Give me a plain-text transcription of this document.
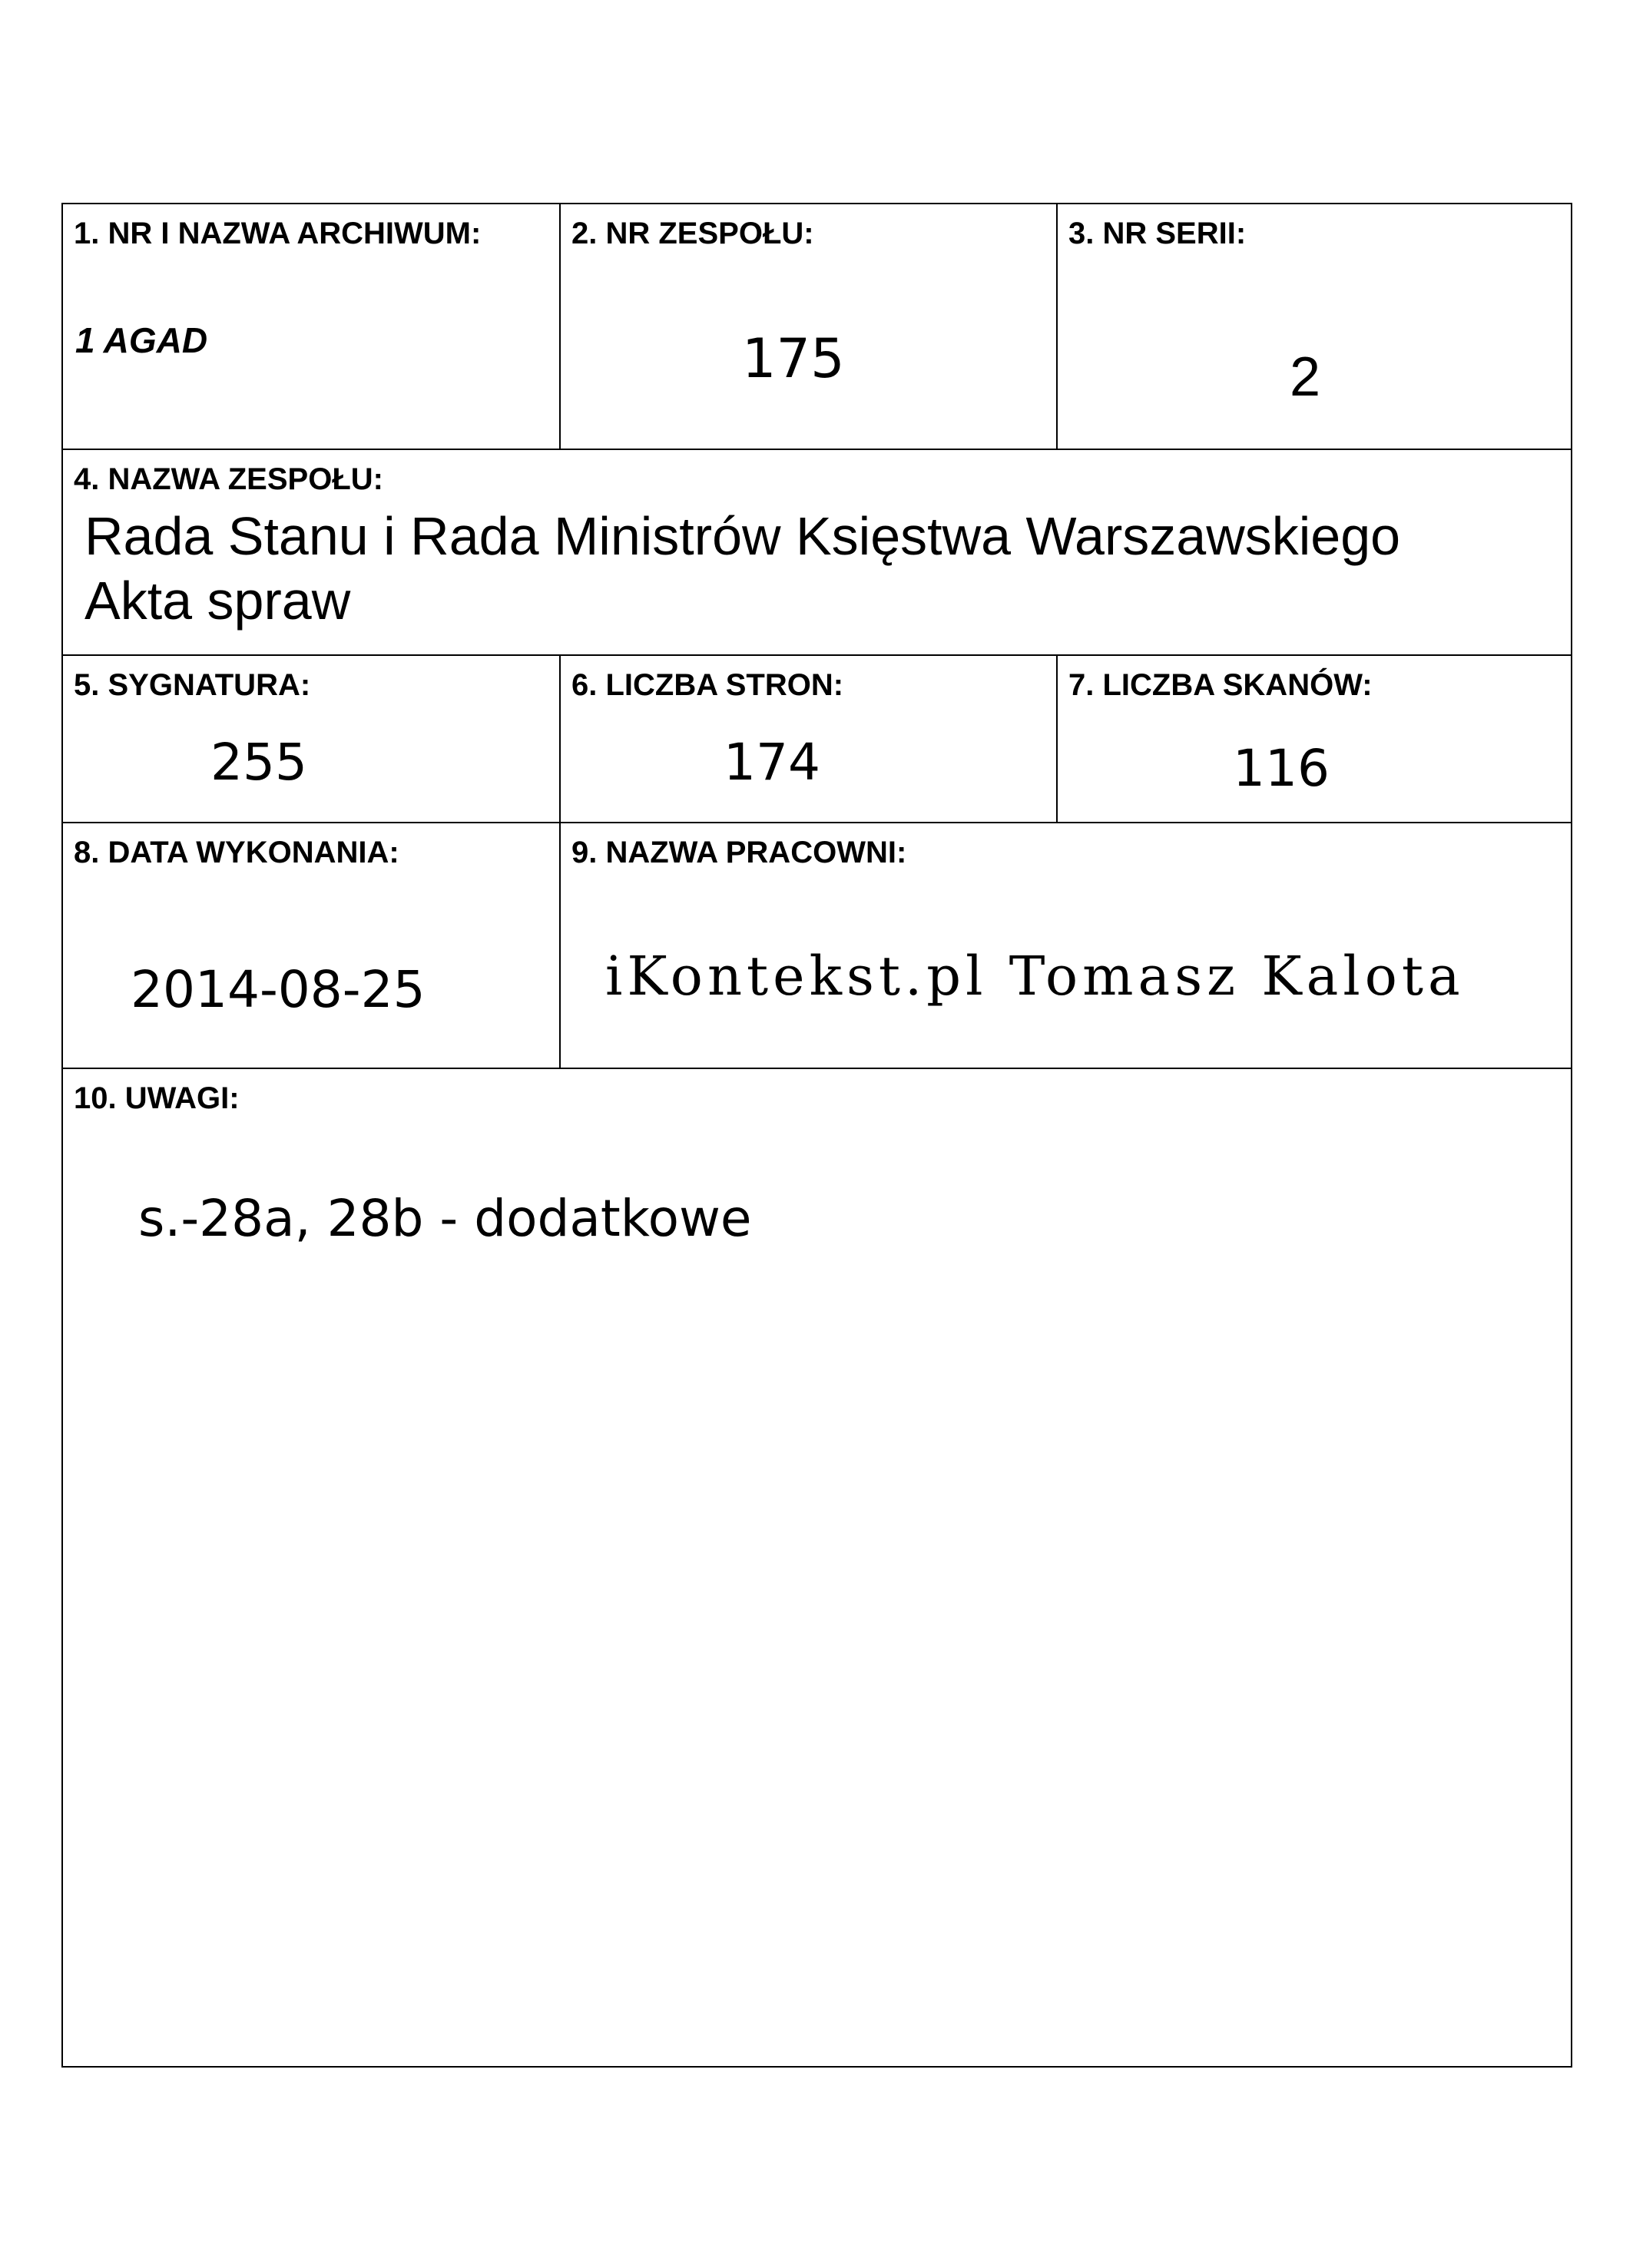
1. NR I NAZWA ARCHIWUM:
1 AGAD
2. NR ZESPOŁU:
175
3. NR SERII:
2
4. NAZWA ZESPOŁU:
Rada Stanu i Rada Ministrów Księstwa Warszawskiego
Akta spraw
5. SYGNATURA:
255
6. LICZBA STRON:
174
7. LICZBA SKANÓW:
116
8. DATA WYKONANIA:
2014-08-25
9. NAZWA PRACOWNI:
iKontekst.pl Tomasz Kalota
10. UWAGI:
s.-28a, 28b - dodatkowe
